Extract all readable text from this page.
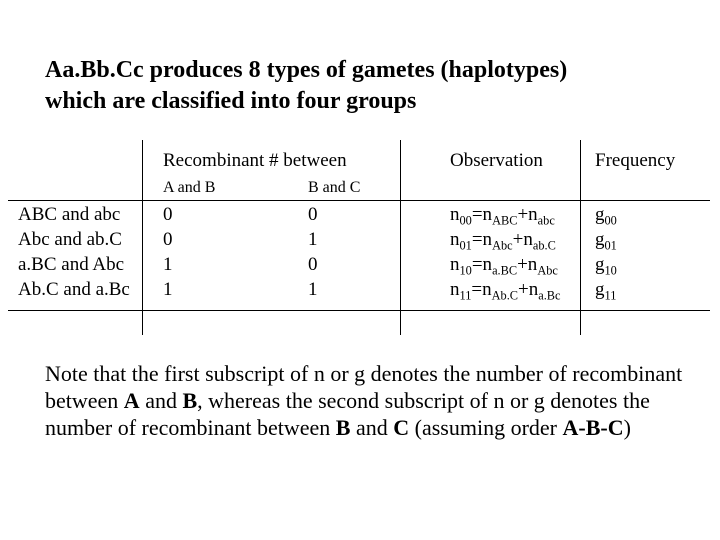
Aa.Bb.Cc produces 8 types of gametes (haplotypes)
which are classified into four groups
Recombinant # between
A and B	B and C
Observation	Frequency
ABC and abc 0	0	$n_{00}=n_{ABC}+n_{abc}$ $g_{00}$
Abc and ab.C 0	1	$n_{01}=n_{Abc}+n_{ab.C}$ $g_{01}$
a.BC and Abc 1	0	$n_{10}=n_{a.BC}+n_{Abc}$ $g_{10}$
Ab.C and a.Bc 1	1	$n_{11}=n_{Ab.C}+n_{a.Bc}$ $g_{11}$
Note that the first subscript of n or g denotes the number of recombinant between A and B, whereas the second subscript of n or g denotes the number of recombinant between B and C (assuming order A-B-C)
